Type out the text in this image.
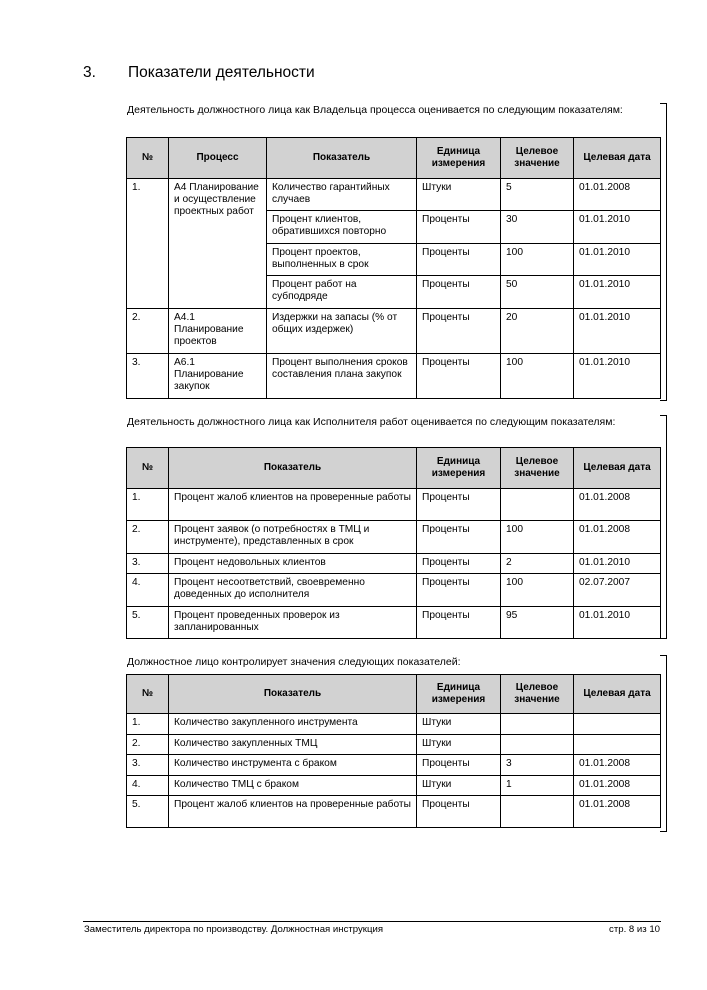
3. Показатели деятельности
Деятельность должностного лица как Владельца процесса оценивается по следующим показателям:
№	Процесс	Показатель	Единица измерения	Целевое значение	Целевая дата
1.	А4 Планирование и осуществление проектных работ	Количество гарантийных случаев	Штуки	5	01.01.2008
		Процент клиентов, обратившихся повторно	Проценты	30	01.01.2010
		Процент проектов, выполненных в срок	Проценты	100	01.01.2010
		Процент работ на субподряде	Проценты	50	01.01.2010
2.	А4.1 Планирование проектов	Издержки на запасы (% от общих издержек)	Проценты	20	01.01.2010
3.	А6.1 Планирование закупок	Процент выполнения сроков составления плана закупок	Проценты	100	01.01.2010
Деятельность должностного лица как Исполнителя работ оценивается по следующим показателям:
№	Показатель	Единица измерения	Целевое значение	Целевая дата
1.	Процент жалоб клиентов на проверенные работы	Проценты		01.01.2008
2.	Процент заявок (о потребностях в ТМЦ и инструменте), представленных в срок	Проценты	100	01.01.2008
3.	Процент недовольных клиентов	Проценты	2	01.01.2010
4.	Процент несоответствий, своевременно доведенных до исполнителя	Проценты	100	02.07.2007
5.	Процент проведенных проверок из запланированных	Проценты	95	01.01.2010
Должностное лицо контролирует значения следующих показателей:
№	Показатель	Единица измерения	Целевое значение	Целевая дата
1.	Количество закупленного инструмента	Штуки		
2.	Количество закупленных ТМЦ	Штуки		
3.	Количество инструмента с браком	Проценты	3	01.01.2008
4.	Количество ТМЦ с браком	Штуки	1	01.01.2008
5.	Процент жалоб клиентов на проверенные работы	Проценты		01.01.2008
Заместитель директора по производству. Должностная инструкция	стр. 8 из 10
